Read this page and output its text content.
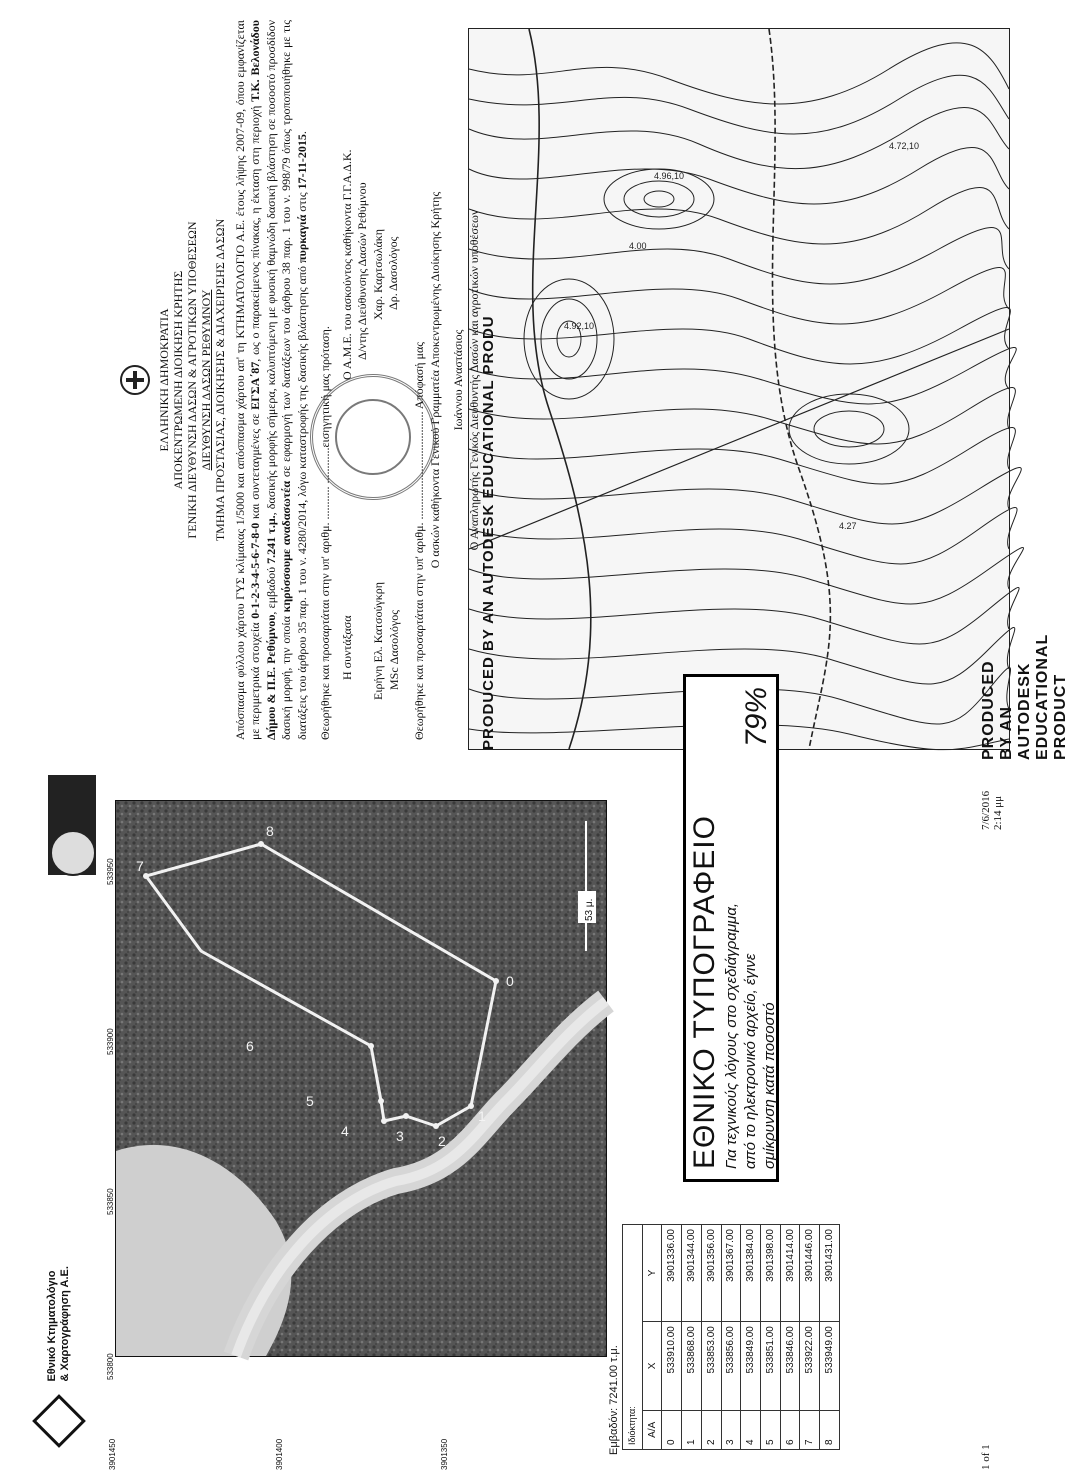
1 of 1
7/6/2016 2:14 μμ
4.00
4.72,10
4.96,10
4.92,10
4.27
PRODUCED BY AN AUTODESK EDUCATIONAL PRODUCT
PRODUCED BY AN AUTODESK EDUCATIONAL PRODU
ΕΛΛΗΝΙΚΗ ΔΗΜΟΚΡΑΤΙΑ ΑΠΟΚΕΝΤΡΩΜΕΝΗ ΔΙΟΙΚΗΣΗ ΚΡΗΤΗΣ ΓΕΝΙΚΗ ΔΙΕΥΘΥΝΣΗ ΔΑΣΩΝ & ΑΓΡΟΤΙΚΩΝ ΥΠΟΘΕΣΕΩΝ ΔΙΕΥΘΥΝΣΗ ΔΑΣΩΝ ΡΕΘΥΜΝΟΥ ΤΜΗΜΑ ΠΡΟΣΤΑΣΙΑΣ, ΔΙΟΙΚΗΣΗΣ & ΔΙΑΧΕΙΡΙΣΗΣ ΔΑΣΩΝ Απόσπασμα φύλλου χάρτου ΓΥΣ κλίμακας 1/5000 και απόσπασμα χάρτου απ' τη ΚΤΗΜΑΤΟΛΟΓΙΟ Α.Ε. έτους λήψης 2007-09, όπου εμφανίζεται με περιμετρικά στοιχεία 0-1-2-3-4-5-6-7-8-0 και συντεταγμένες σε ΕΓΣΑ΄87, ως ο παρακείμενος πίνακας, η έκταση στη περιοχή Τ.Κ. Βελονάδου Δήμου & Π.Ε. Ρεθύμνου, εμβαδού 7.241 τ.μ., δασικής μορφής σήμερα, καλυπτόμενη με φυσική θαμνώδη δασική βλάστηση σε ποσοστό προσδίδον δασική μορφή, την οποία κηρύσσουμε αναδασωτέα σε εφαρμογή των διατάξεων του άρθρου 38 παρ. 1 του ν. 998/79 όπως τροποποιήθηκε με τις διατάξεις του άρθρου 35 παρ. 1 του ν. 4280/2014, λόγω καταστροφής της δασικής βλάστησης από πυρκαγιά στις 17-11-2015.
Θεωρήθηκε και προσαρτάται στην υπ' αριθμ. ........... ............εισηγητική μας πρόταση.
Η συντάξασα Ειρήνη Ελ. Κατσούγκρη MSc Δασολόγος
Ο Α.Μ.Ε. του ασκούντος καθήκοντα Γ.Γ.Α.Δ.Κ. Δ/ντης Διεύθυνσης Δασών Ρεθύμνου Χαρ. Καρτσωλάκη Δρ. Δασολόγος
Θεωρήθηκε και προσαρτάται στην υπ' αριθμ. .................................... Απόφασή μας Ο ασκών καθήκοντα Γενικού Γραμματέα Αποκεντρωμένης Διοίκησης Κρήτης Ιωάννου Αναστάσιος Ο Αναπληρωτής Γενικός Διευθυντής Δασών και αγροτικών υποθέσεων
0
1
2
3
4
5
6
7
8
53 μ.
533800
533850
533900
533950
3901450	3901400	3901350
Εθνικό Κτηματολόγιο
& Χαρτογράφηση Α.Ε.
Εμβαδόν: 7241.00 τ.μ. Ιδιόκτητα:		
Α/Α	X	Y
0	533910.00	3901336.00
1	533868.00	3901344.00
2	533853.00	3901356.00
3	533856.00	3901367.00
4	533849.00	3901384.00
5	533851.00	3901398.00
6	533846.00	3901414.00
7	533922.00	3901446.00
8	533949.00	3901431.00
ΕΘΝΙΚΟ ΤΥΠΟΓΡΑΦΕΙΟ Για τεχνικούς λόγους στο σχεδιάγραμμα, από το ηλεκτρονικό αρχείο, έγινε σμίκρυνση κατά ποσοστό
79%
